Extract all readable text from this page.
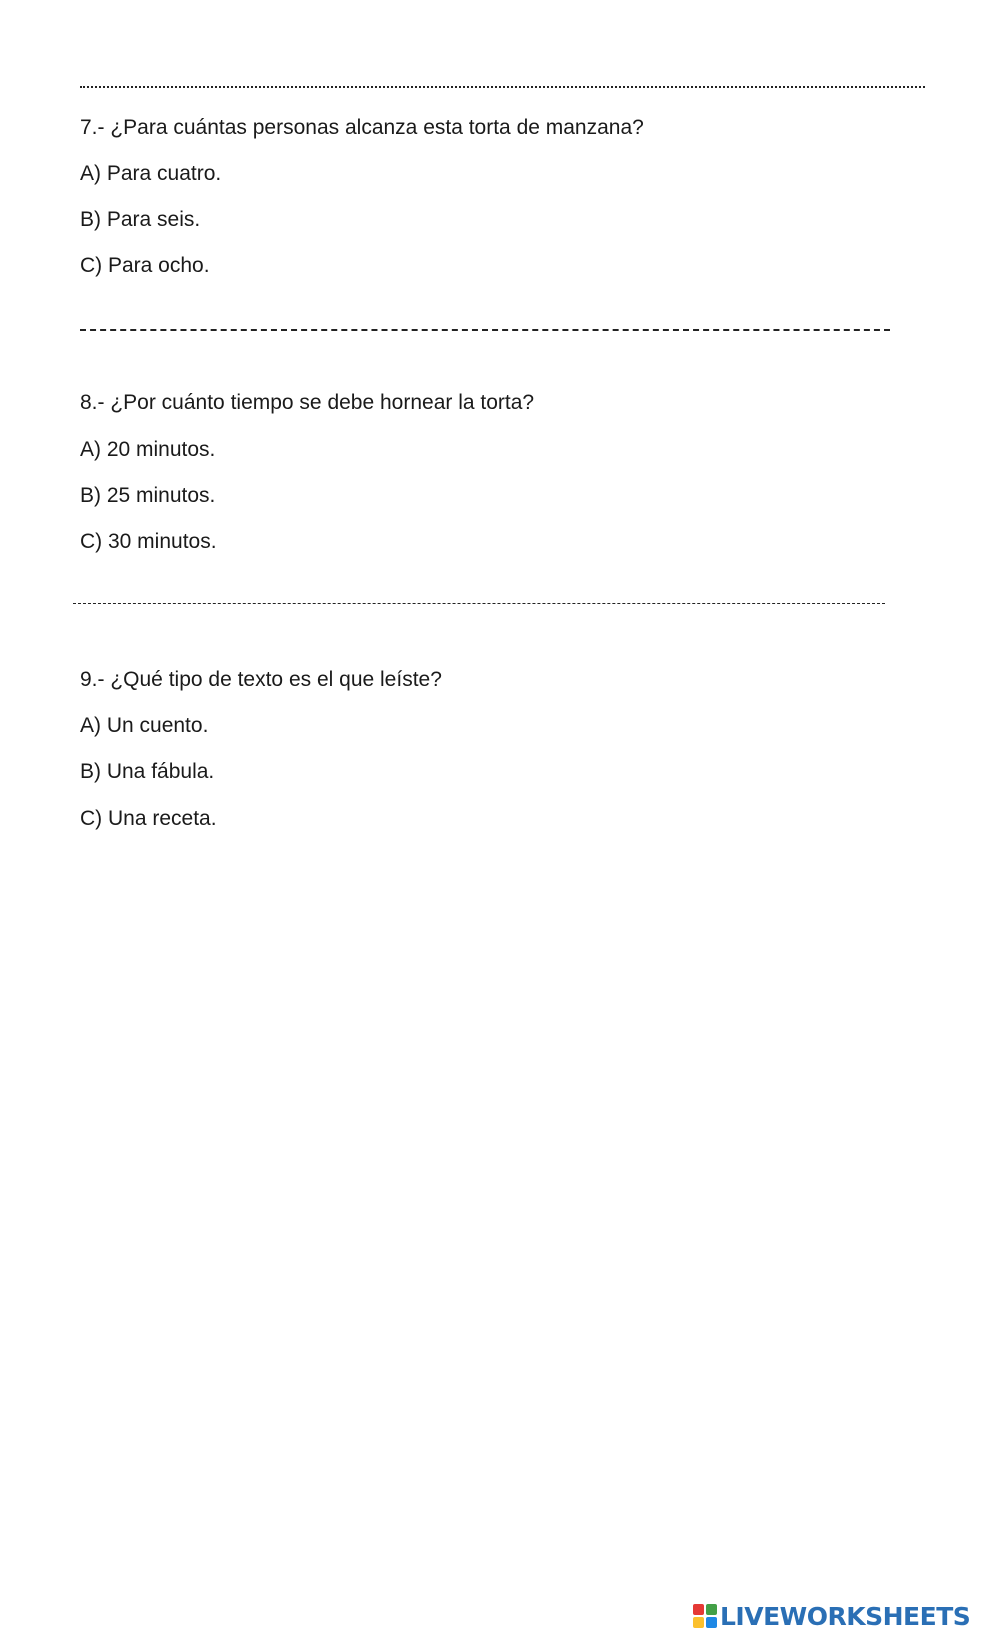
7.- ¿Para cuántas personas alcanza esta torta de manzana?
A) Para cuatro.
B) Para seis.
C) Para ocho.
8.- ¿Por cuánto tiempo se debe hornear la torta?
A) 20 minutos.
B) 25 minutos.
C) 30 minutos.
9.- ¿Qué tipo de texto es el que leíste?
A) Un cuento.
B) Una fábula.
C) Una receta.
LIVEWORKSHEETS
